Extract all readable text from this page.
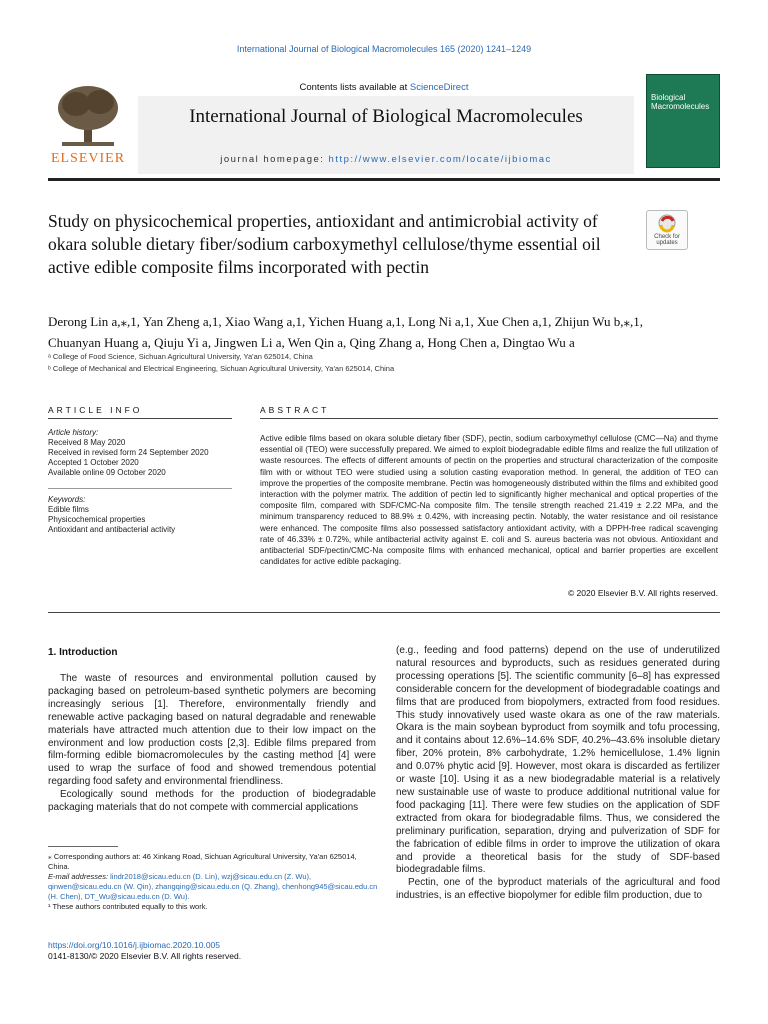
International Journal of Biological Macromolecules 165 (2020) 1241–1249
Contents lists available at ScienceDirect
International Journal of Biological Macromolecules
journal homepage: http://www.elsevier.com/locate/ijbiomac
ELSEVIER
Biological Macromolecules
Study on physicochemical properties, antioxidant and antimicrobial activity of okara soluble dietary fiber/sodium carboxymethyl cellulose/thyme essential oil active edible composite films incorporated with pectin
Check for updates
Derong Lin a,⁎,1, Yan Zheng a,1, Xiao Wang a,1, Yichen Huang a,1, Long Ni a,1, Xue Chen a,1, Zhijun Wu b,⁎,1,
Chuanyan Huang a, Qiuju Yi a, Jingwen Li a, Wen Qin a, Qing Zhang a, Hong Chen a, Dingtao Wu a
ᵃ College of Food Science, Sichuan Agricultural University, Ya'an 625014, China
ᵇ College of Mechanical and Electrical Engineering, Sichuan Agricultural University, Ya'an 625014, China
ARTICLE INFO
Article history:
Received 8 May 2020
Received in revised form 24 September 2020
Accepted 1 October 2020
Available online 09 October 2020
Keywords:
Edible films
Physicochemical properties
Antioxidant and antibacterial activity
ABSTRACT
Active edible films based on okara soluble dietary fiber (SDF), pectin, sodium carboxymethyl cellulose (CMC—Na) and thyme essential oil (TEO) were successfully prepared. We aimed to exploit biodegradable edible films and realize the full utilization of waste resources. The effects of different amounts of pectin on the properties and structural characterization of the composite film with or without TEO were studied using a solution casting evaporation method. In general, the addition of TEO can improve the properties of the composite membrane. Pectin was homogeneously distributed within the films and exhibited good interaction with the polymer matrix. The addition of pectin led to significantly higher mechanical and optical properties of the composite film, compared with SDF/CMC-Na composite film. The tensile strength reached 21.419 ± 2.22 MPa, and the minimum transparency reduced to 88.9% ± 0.42%, with increasing pectin. Notably, the water resistance and oil resistance were enhanced. The composite films also possessed satisfactory antioxidant activity, with a DPPH-free radical scavenging rate of 46.33% ± 0.72%, while antibacterial activity against E. coli and S. aureus bacteria was not obvious. Antioxidant and antibacterial SDF/pectin/CMC-Na composite films with enhanced mechanical, optical and barrier properties are excellent candidates for active edible packaging.
© 2020 Elsevier B.V. All rights reserved.
1. Introduction

The waste of resources and environmental pollution caused by packaging based on petroleum-based synthetic polymers are becoming increasingly serious [1]. Therefore, environmentally friendly and renewable active packaging based on natural degradable and renewable materials have attracted much attention due to their low impact on the environment and low production costs [2,3]. Edible films prepared from film-forming edible biomacromolecules by the casting method [4] were used to wrap the surface of food and showed tremendous potential regarding food safety and environmental friendliness.

Ecologically sound methods for the production of biodegradable packaging materials that do not compete with commercial applications

(e.g., feeding and food patterns) depend on the use of underutilized natural resources and byproducts, such as residues generated during processing operations [5]. The scientific community [6–8] has expressed considerable concern for the development of biodegradable coatings and films that are produced from biopolymers, extracted from food residues. This study innovatively used waste okara as one of the raw materials. Okara is the main soybean byproduct from soymilk and tofu processing, and it contains about 12.6%–14.6% SDF, 40.2%–43.6% insoluble dietary fiber, 20% protein, 8% carbohydrate, 1.2% hemicellulose, 1.4% lignin and 0.07% phytic acid [9]. However, most okara is discarded as fertilizer or waste [10]. Using it as a new biodegradable material is a relatively new sustainable use of waste to produce additional nutritional value for food packaging [11]. There were few studies on the application of SDF extracted from okara for biodegradable films. Thus, we considered the preliminary purification, separation, drying and pulverization of SDF for the fabrication of edible films in order to improve the utilization of okara and provide a theoretical basis for the study of SDF-based biodegradable films.

Pectin, one of the byproduct materials of the agricultural and food industries, is an effective biopolymer for edible film production, due to

⁎ Corresponding authors at: 46 Xinkang Road, Sichuan Agricultural University, Ya'an 625014, China.
E-mail addresses: lindr2018@sicau.edu.cn (D. Lin), wzj@sicau.edu.cn (Z. Wu), qinwen@sicau.edu.cn (W. Qin), zhangqing@sicau.edu.cn (Q. Zhang), chenhong945@sicau.edu.cn (H. Chen), DT_Wu@sicau.edu.cn (D. Wu).
¹ These authors contributed equally to this work.
https://doi.org/10.1016/j.ijbiomac.2020.10.005
0141-8130/© 2020 Elsevier B.V. All rights reserved.
